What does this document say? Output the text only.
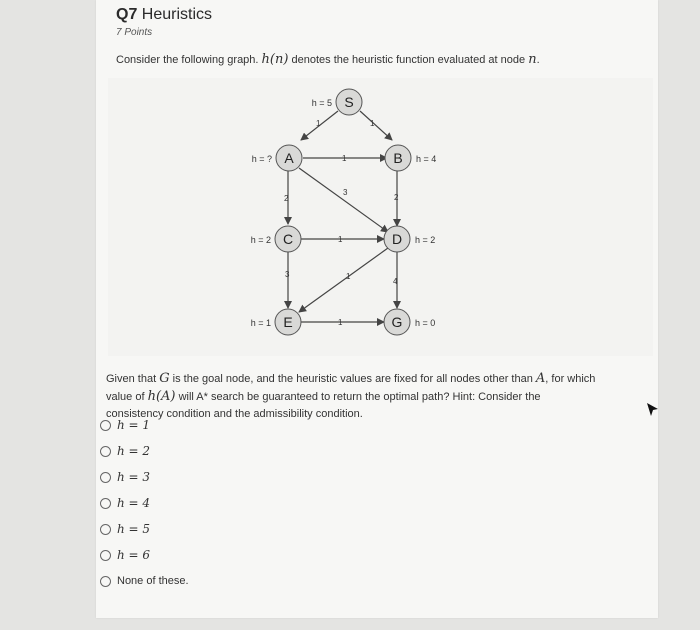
Q7 Heuristics
7 Points
Consider the following graph. h(n) denotes the heuristic function evaluated at node n.
1	1
1
2
3
2
1
3	1
4
1
S
h = 5
A
h = ?	B h = 4
C
h = 2	D h = 2
E
h = 1	G h = 0
Given that G is the goal node, and the heuristic values are fixed for all nodes other than A, for which value of h(A) will A* search be guaranteed to return the optimal path? Hint: Consider the consistency condition and the admissibility condition.
h = 1
h = 2
h = 3
h = 4
h = 5
h = 6
None of these.
